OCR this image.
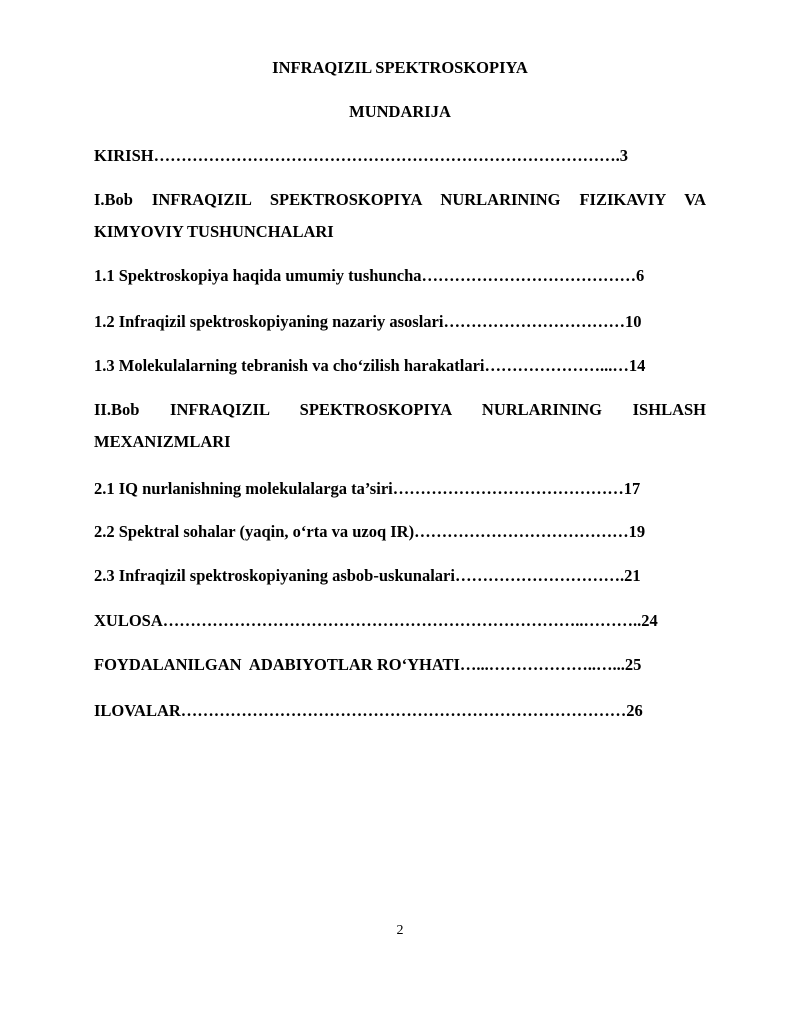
INFRAQIZIL SPEKTROSKOPIYA
MUNDARIJA
KIRISH………………………………………………………………………….3
I.Bob INFRAQIZIL SPEKTROSKOPIYA NURLARINING FIZIKAVIY VA KIMYOVIY TUSHUNCHALARI
1.1 Spektroskopiya haqida umumiy tushuncha…………………………………6
1.2 Infraqizil spektroskopiyaning nazariy asoslari……………………………10
1.3 Molekulalarning tebranish va cho‘zilish harakatlari…………………...…14
II.Bob INFRAQIZIL SPEKTROSKOPIYA NURLARINING ISHLASH MEXANIZMLARI
2.1 IQ nurlanishning molekulalarga ta’siri……………………………………17
2.2 Spektral sohalar (yaqin, o‘rta va uzoq IR)…………………………………19
2.3 Infraqizil spektroskopiyaning asbob-uskunalari………………………….21
XULOSA…………………………………………………………………..………..24
FOYDALANILGAN  ADABIYOTLAR RO‘YHATI…...………………..…...25
ILOVALAR………………………………………………………………………26
2
